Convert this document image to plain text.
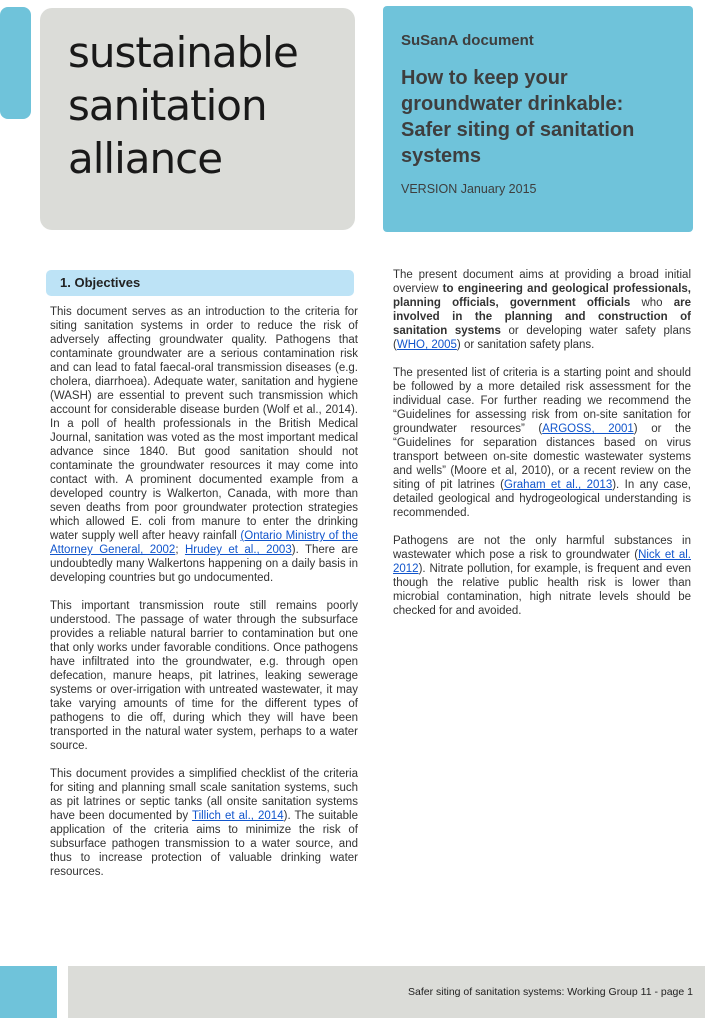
sustainable
sanitation
alliance
SuSanA document
How to keep your groundwater drinkable: Safer siting of sanitation systems
VERSION January 2015
1. Objectives

This document serves as an introduction to the criteria for siting sanitation systems in order to reduce the risk of adversely affecting groundwater quality. Pathogens that contaminate groundwater are a serious contamination risk and can lead to fatal faecal-oral transmission diseases (e.g. cholera, diarrhoea). Adequate water, sanitation and hygiene (WASH) are essential to prevent such transmission which account for considerable disease burden (Wolf et al., 2014). In a poll of health professionals in the British Medical Journal, sanitation was voted as the most important medical advance since 1840. But good sanitation should not contaminate the groundwater resources it may come into contact with. A prominent documented example from a developed country is Walkerton, Canada, with more than seven deaths from poor groundwater protection strategies which allowed E. coli from manure to enter the drinking water supply well after heavy rainfall (Ontario Ministry of the Attorney General, 2002; Hrudey et al., 2003). There are undoubtedly many Walkertons happening on a daily basis in developing countries but go undocumented.

This important transmission route still remains poorly understood. The passage of water through the subsurface provides a reliable natural barrier to contamination but one that only works under favorable conditions. Once pathogens have infiltrated into the groundwater, e.g. through open defecation, manure heaps, pit latrines, leaking sewerage systems or over-irrigation with untreated wastewater, it may take varying amounts of time for the different types of pathogens to die off, during which they will have been transported in the natural water system, perhaps to a water source.

This document provides a simplified checklist of the criteria for siting and planning small scale sanitation systems, such as pit latrines or septic tanks (all onsite sanitation systems have been documented by Tillich et al., 2014). The suitable application of the criteria aims to minimize the risk of subsurface pathogen transmission to a water source, and thus to increase protection of valuable drinking water resources.

The present document aims at providing a broad initial overview to engineering and geological professionals, planning officials, government officials who are involved in the planning and construction of sanitation systems or developing water safety plans (WHO, 2005) or sanitation safety plans.

The presented list of criteria is a starting point and should be followed by a more detailed risk assessment for the individual case. For further reading we recommend the “Guidelines for assessing risk from on-site sanitation for groundwater resources” (ARGOSS, 2001) or the “Guidelines for separation distances based on virus transport between on-site domestic wastewater systems and wells” (Moore et al, 2010), or a recent review on the siting of pit latrines (Graham et al., 2013). In any case, detailed geological and hydrogeological understanding is recommended.

Pathogens are not the only harmful substances in wastewater which pose a risk to groundwater (Nick et al. 2012). Nitrate pollution, for example, is frequent and even though the relative public health risk is lower than microbial contamination, high nitrate levels should be checked for and avoided.

Safer siting of sanitation systems: Working Group 11 - page 1
